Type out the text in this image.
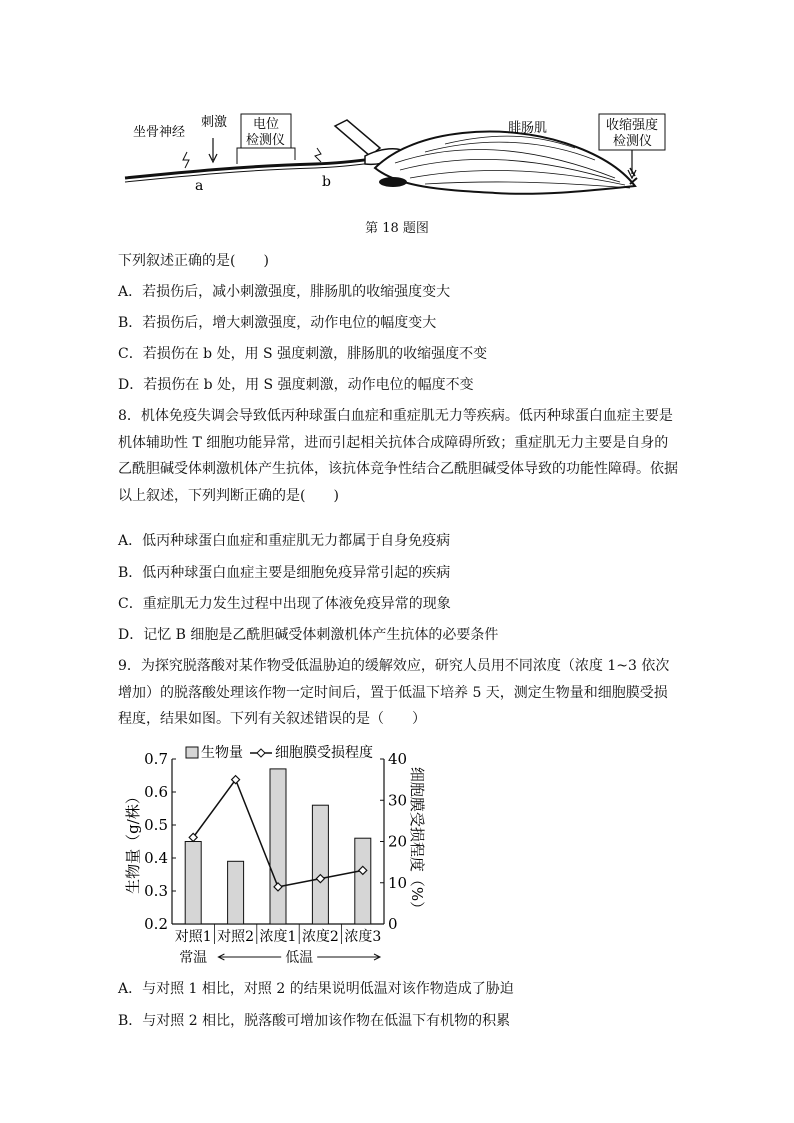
坐骨神经
刺激 电位
检测仪
a	b
腓肠肌	收缩强度
检测仪
第 18 题图
下列叙述正确的是(　　)
A．若损伤后，减小刺激强度，腓肠肌的收缩强度变大
B．若损伤后，增大刺激强度，动作电位的幅度变大
C．若损伤在 b 处，用 S 强度刺激，腓肠肌的收缩强度不变
D．若损伤在 b 处，用 S 强度刺激，动作电位的幅度不变
8．机体免疫失调会导致低丙种球蛋白血症和重症肌无力等疾病。低丙种球蛋白血症主要是机体辅助性 T 细胞功能异常，进而引起相关抗体合成障碍所致；重症肌无力主要是自身的乙酰胆碱受体刺激机体产生抗体，该抗体竞争性结合乙酰胆碱受体导致的功能性障碍。依据以上叙述，下列判断正确的是(　　)
A．低丙种球蛋白血症和重症肌无力都属于自身免疫病
B．低丙种球蛋白血症主要是细胞免疫异常引起的疾病
C．重症肌无力发生过程中出现了体液免疫异常的现象
D．记忆 B 细胞是乙酰胆碱受体刺激机体产生抗体的必要条件
9．为探究脱落酸对某作物受低温胁迫的缓解效应，研究人员用不同浓度（浓度 1~3 依次增加）的脱落酸处理该作物一定时间后，置于低温下培养 5 天，测定生物量和细胞膜受损程度，结果如图。下列有关叙述错误的是（　　）
0.2
0.3
0.4
0.5
0.6
0.7
0
10
20
30
40
对照1 对照2 浓度1 浓度2 浓度3
常温	低温
生物量（g/株）	细胞膜受损程度（%）
生物量 细胞膜受损程度
A．与对照 1 相比，对照 2 的结果说明低温对该作物造成了胁迫
B．与对照 2 相比，脱落酸可增加该作物在低温下有机物的积累
